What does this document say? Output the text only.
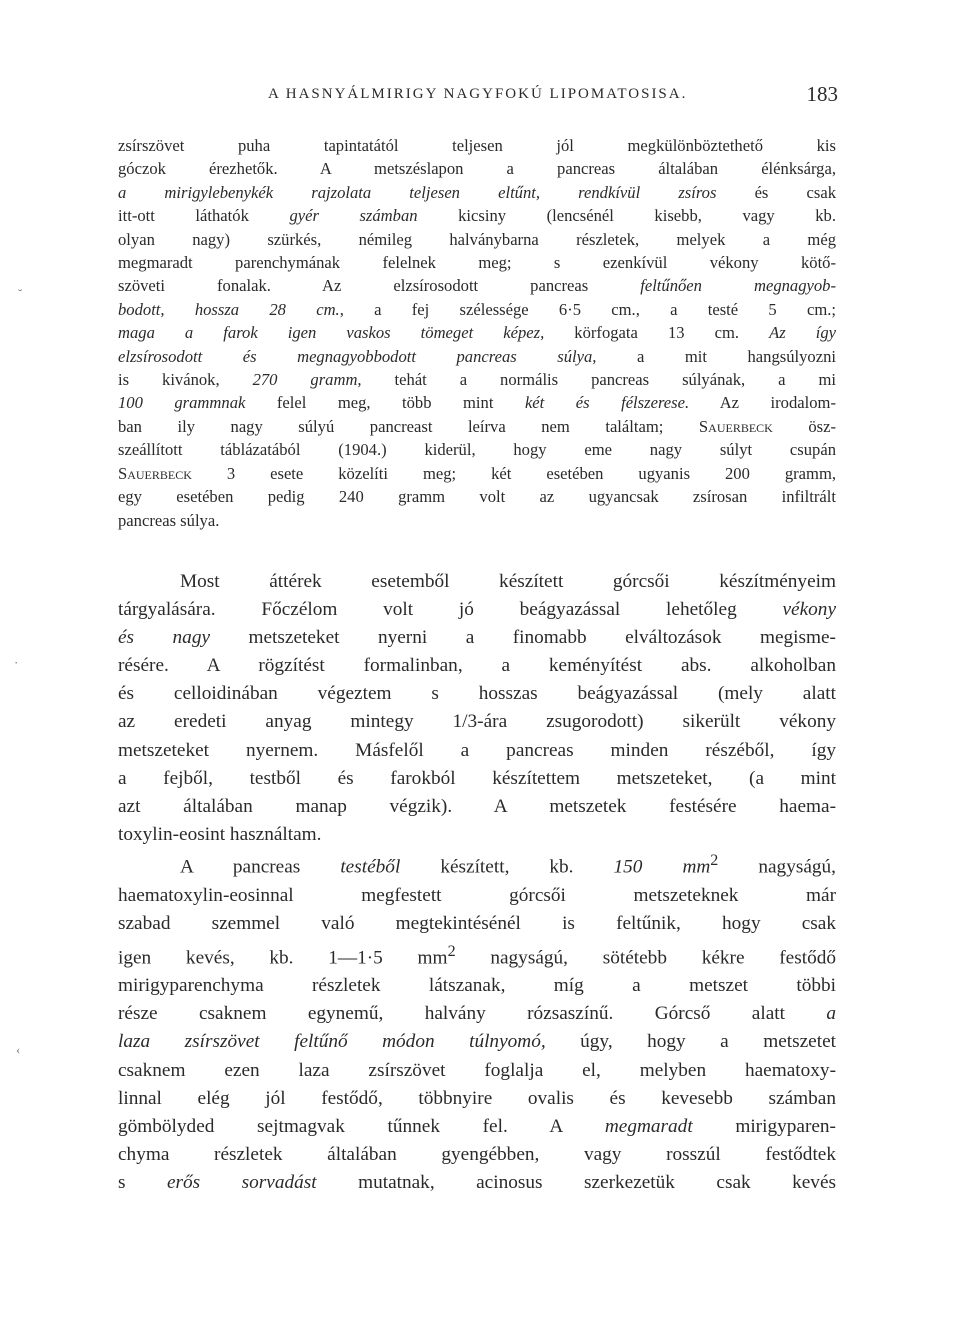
A HASNYÁLMIRIGY NAGYFOKÚ LIPOMATOSISA.	183
zsírszövet puha tapintatától teljesen jól megkülönböztethető kis
góczok érezhetők. A metszéslapon a pancreas általában élénksárga,
a mirigylebenykék rajzolata teljesen eltűnt, rendkívül zsíros és csak
itt-ott láthatók gyér számban kicsiny (lencsénél kisebb, vagy kb.
olyan nagy) szürkés, némileg halványbarna részletek, melyek a még
megmaradt parenchymának felelnek meg; s ezenkívül vékony kötő-
szöveti fonalak. Az elzsírosodott pancreas feltűnően megnagyob-
bodott, hossza 28 cm., a fej szélessége 6·5 cm., a testé 5 cm.;
maga a farok igen vaskos tömeget képez, körfogata 13 cm. Az így
elzsírosodott és megnagyobbodott pancreas súlya, a mit hangsúlyozni
is kivánok, 270 gramm, tehát a normális pancreas súlyának, a mi
100 grammnak felel meg, több mint két és félszerese. Az irodalom-
ban ily nagy súlyú pancreast leírva nem találtam; Sauerbeck ösz-
szeállított táblázatából (1904.) kiderül, hogy eme nagy súlyt csupán
Sauerbeck 3 esete közelíti meg; két esetében ugyanis 200 gramm,
egy esetében pedig 240 gramm volt az ugyancsak zsírosan infiltrált
pancreas súlya.
Most áttérek esetemből készített górcsői készítményeim
tárgyalására. Főczélom volt jó beágyazással lehetőleg vékony
és nagy metszeteket nyerni a finomabb elváltozások megisme-
résére. A rögzítést formalinban, a keményítést abs. alkoholban
és celloidinában végeztem s hosszas beágyazással (mely alatt
az eredeti anyag mintegy 1/3-ára zsugorodott) sikerült vékony
metszeteket nyernem. Másfelől a pancreas minden részéből, így
a fejből, testből és farokból készítettem metszeteket, (a mint
azt általában manap végzik). A metszetek festésére haema-
toxylin-eosint használtam.
A pancreas testéből készített, kb. 150 $mm^2$ nagyságú,
haematoxylin-eosinnal megfestett górcsői metszeteknek már
szabad szemmel való megtekintésénél is feltűnik, hogy csak
igen kevés, kb. 1—1·5 $mm^2$ nagyságú, sötétebb kékre festődő
mirigyparenchyma részletek látszanak, míg a metszet többi
része csaknem egynemű, halvány rózsaszínű. Górcső alatt a
laza zsírszövet feltűnő módon túlnyomó, úgy, hogy a metszetet
csaknem ezen laza zsírszövet foglalja el, melyben haematoxy-
linnal elég jól festődő, többnyire ovalis és kevesebb számban
gömbölyded sejtmagvak tűnnek fel. A megmaradt mirigyparen-
chyma részletek általában gyengébben, vagy rosszúl festődtek
s erős sorvadást mutatnak, acinosus szerkezetük csak kevés
˘
·
‹
